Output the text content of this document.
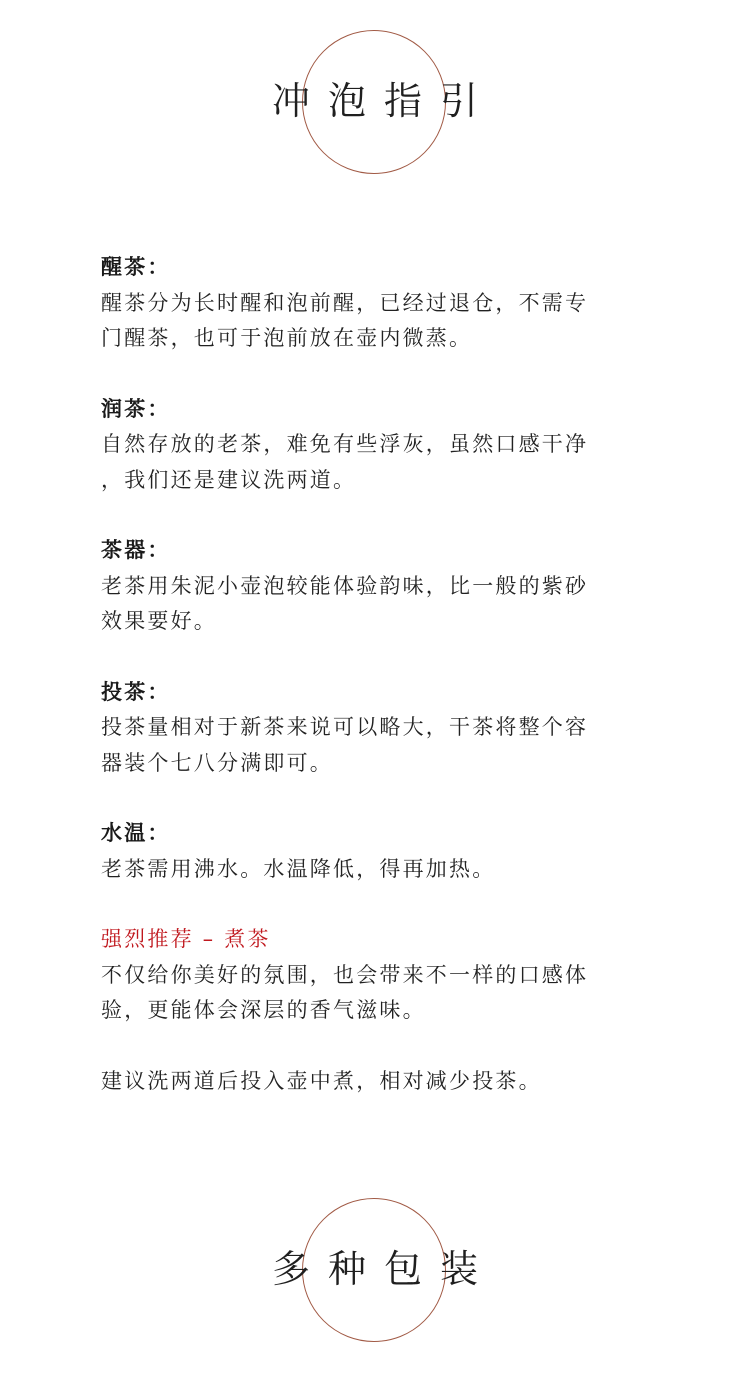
冲泡指引
醒茶：

醒茶分为长时醒和泡前醒，已经过退仓，不需专

门醒茶，也可于泡前放在壶内微蒸。

润茶：

自然存放的老茶，难免有些浮灰，虽然口感干净

，我们还是建议洗两道。

茶器：

老茶用朱泥小壶泡较能体验韵味，比一般的紫砂

效果要好。

投茶：

投茶量相对于新茶来说可以略大，干茶将整个容

器装个七八分满即可。

水温：

老茶需用沸水。水温降低，得再加热。

强烈推荐 – 煮茶

不仅给你美好的氛围，也会带来不一样的口感体

验，更能体会深层的香气滋味。

建议洗两道后投入壶中煮，相对减少投茶。

多种包装
